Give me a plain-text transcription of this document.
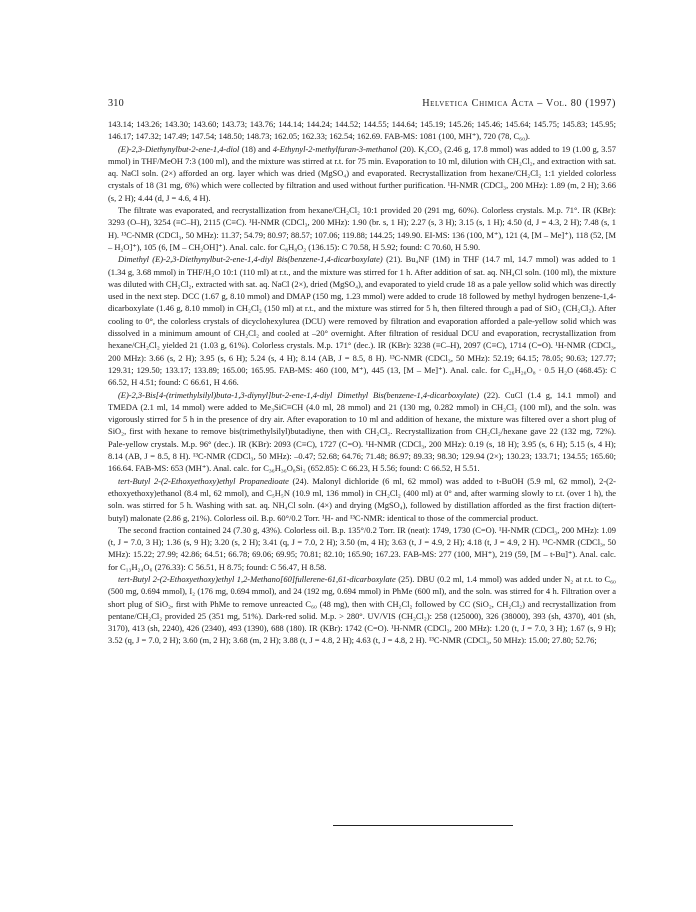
310	Helvetica Chimica Acta – Vol. 80 (1997)

143.14; 143.26; 143.30; 143.60; 143.73; 143.76; 144.14; 144.24; 144.52; 144.55; 144.64; 145.19; 145.26; 145.46; 145.64; 145.75; 145.83; 145.95; 146.17; 147.32; 147.49; 147.54; 148.50; 148.73; 162.05; 162.33; 162.54; 162.69. FAB-MS: 1081 (100, MH⁺), 720 (78, C₆₀).

(E)-2,3-Diethynylbut-2-ene-1,4-diol (18) and 4-Ethynyl-2-methylfuran-3-methanol (20). K₂CO₃ (2.46 g, 17.8 mmol) was added to 19 (1.00 g, 3.57 mmol) in THF/MeOH 7:3 (100 ml), and the mixture was stirred at r.t. for 75 min. Evaporation to 10 ml, dilution with CH₂Cl₂, and extraction with sat. aq. NaCl soln. (2×) afforded an org. layer which was dried (MgSO₄) and evaporated. Recrystallization from hexane/CH₂Cl₂ 1:1 yielded colorless crystals of 18 (31 mg, 6%) which were collected by filtration and used without further purification. ¹H-NMR (CDCl₃, 200 MHz): 1.89 (m, 2 H); 3.66 (s, 2 H); 4.44 (d, J = 4.6, 4 H).

The filtrate was evaporated, and recrystallization from hexane/CH₂Cl₂ 10:1 provided 20 (291 mg, 60%). Colorless crystals. M.p. 71°. IR (KBr): 3293 (O–H), 3254 (≡C–H), 2115 (C≡C). ¹H-NMR (CDCl₃, 200 MHz): 1.90 (br. s, 1 H); 2.27 (s, 3 H); 3.15 (s, 1 H); 4.50 (d, J = 4.3, 2 H); 7.48 (s, 1 H). ¹³C-NMR (CDCl₃, 50 MHz): 11.37; 54.79; 80.97; 88.57; 107.06; 119.88; 144.25; 149.90. EI-MS: 136 (100, M⁺), 121 (4, [M – Me]⁺), 118 (52, [M – H₂O]⁺), 105 (6, [M – CH₂OH]⁺). Anal. calc. for C₈H₈O₂ (136.15): C 70.58, H 5.92; found: C 70.60, H 5.90.

Dimethyl (E)-2,3-Diethynylbut-2-ene-1,4-diyl Bis(benzene-1,4-dicarboxylate) (21). Bu₄NF (1M) in THF (14.7 ml, 14.7 mmol) was added to 1 (1.34 g, 3.68 mmol) in THF/H₂O 10:1 (110 ml) at r.t., and the mixture was stirred for 1 h. After addition of sat. aq. NH₄Cl soln. (100 ml), the mixture was diluted with CH₂Cl₂, extracted with sat. aq. NaCl (2×), dried (MgSO₄), and evaporated to yield crude 18 as a pale yellow solid which was directly used in the next step. DCC (1.67 g, 8.10 mmol) and DMAP (150 mg, 1.23 mmol) were added to crude 18 followed by methyl hydrogen benzene-1,4-dicarboxylate (1.46 g, 8.10 mmol) in CH₂Cl₂ (150 ml) at r.t., and the mixture was stirred for 5 h, then filtered through a pad of SiO₂ (CH₂Cl₂). After cooling to 0°, the colorless crystals of dicyclohexylurea (DCU) were removed by filtration and evaporation afforded a pale-yellow solid which was dissolved in a minimum amount of CH₂Cl₂ and cooled at –20° overnight. After filtration of residual DCU and evaporation, recrystallization from hexane/CH₂Cl₂ yielded 21 (1.03 g, 61%). Colorless crystals. M.p. 171° (dec.). IR (KBr): 3238 (≡C–H), 2097 (C≡C), 1714 (C=O). ¹H-NMR (CDCl₃, 200 MHz): 3.66 (s, 2 H); 3.95 (s, 6 H); 5.24 (s, 4 H); 8.14 (AB, J = 8.5, 8 H). ¹³C-NMR (CDCl₃, 50 MHz): 52.19; 64.15; 78.05; 90.63; 127.77; 129.31; 129.50; 133.17; 133.89; 165.00; 165.95. FAB-MS: 460 (100, M⁺), 445 (13, [M – Me]⁺). Anal. calc. for C₂₆H₂₀O₈ · 0.5 H₂O (468.45): C 66.52, H 4.51; found: C 66.61, H 4.66.

(E)-2,3-Bis[4-(trimethylsilyl)buta-1,3-diynyl]but-2-ene-1,4-diyl Dimethyl Bis(benzene-1,4-dicarboxylate) (22). CuCl (1.4 g, 14.1 mmol) and TMEDA (2.1 ml, 14 mmol) were added to Me₃SiC≡CH (4.0 ml, 28 mmol) and 21 (130 mg, 0.282 mmol) in CH₂Cl₂ (100 ml), and the soln. was vigorously stirred for 5 h in the presence of dry air. After evaporation to 10 ml and addition of hexane, the mixture was filtered over a short plug of SiO₂, first with hexane to remove bis(trimethylsilyl)butadiyne, then with CH₂Cl₂. Recrystallization from CH₂Cl₂/hexane gave 22 (132 mg, 72%). Pale-yellow crystals. M.p. 96° (dec.). IR (KBr): 2093 (C≡C), 1727 (C=O). ¹H-NMR (CDCl₃, 200 MHz): 0.19 (s, 18 H); 3.95 (s, 6 H); 5.15 (s, 4 H); 8.14 (AB, J = 8.5, 8 H). ¹³C-NMR (CDCl₃, 50 MHz): –0.47; 52.68; 64.76; 71.48; 86.97; 89.33; 98.30; 129.94 (2×); 130.23; 133.71; 134.55; 165.60; 166.64. FAB-MS: 653 (MH⁺). Anal. calc. for C₃₆H₃₆O₈Si₂ (652.85): C 66.23, H 5.56; found: C 66.52, H 5.51.

tert-Butyl 2-(2-Ethoxyethoxy)ethyl Propanedioate (24). Malonyl dichloride (6 ml, 62 mmol) was added to t-BuOH (5.9 ml, 62 mmol), 2-(2-ethoxyethoxy)ethanol (8.4 ml, 62 mmol), and C₅H₅N (10.9 ml, 136 mmol) in CH₂Cl₂ (400 ml) at 0° and, after warming slowly to r.t. (over 1 h), the soln. was stirred for 5 h. Washing with sat. aq. NH₄Cl soln. (4×) and drying (MgSO₄), followed by distillation afforded as the first fraction di(tert-butyl) malonate (2.86 g, 21%). Colorless oil. B.p. 60°/0.2 Torr. ¹H- and ¹³C-NMR: identical to those of the commercial product.

The second fraction contained 24 (7.30 g, 43%). Colorless oil. B.p. 135°/0.2 Torr. IR (neat): 1749, 1730 (C=O). ¹H-NMR (CDCl₃, 200 MHz): 1.09 (t, J = 7.0, 3 H); 1.36 (s, 9 H); 3.20 (s, 2 H); 3.41 (q, J = 7.0, 2 H); 3.50 (m, 4 H); 3.63 (t, J = 4.9, 2 H); 4.18 (t, J = 4.9, 2 H). ¹³C-NMR (CDCl₃, 50 MHz): 15.22; 27.99; 42.86; 64.51; 66.78; 69.06; 69.95; 70.81; 82.10; 165.90; 167.23. FAB-MS: 277 (100, MH⁺), 219 (59, [M – t-Bu]⁺). Anal. calc. for C₁₃H₂₄O₆ (276.33): C 56.51, H 8.75; found: C 56.47, H 8.58.

tert-Butyl 2-(2-Ethoxyethoxy)ethyl 1,2-Methano[60]fullerene-61,61-dicarboxylate (25). DBU (0.2 ml, 1.4 mmol) was added under N₂ at r.t. to C₆₀ (500 mg, 0.694 mmol), I₂ (176 mg, 0.694 mmol), and 24 (192 mg, 0.694 mmol) in PhMe (600 ml), and the soln. was stirred for 4 h. Filtration over a short plug of SiO₂, first with PhMe to remove unreacted C₆₀ (48 mg), then with CH₂Cl₂ followed by CC (SiO₂, CH₂Cl₂) and recrystallization from pentane/CH₂Cl₂ provided 25 (351 mg, 51%). Dark-red solid. M.p. > 280°. UV/VIS (CH₂Cl₂): 258 (125000), 326 (38000), 393 (sh, 4370), 401 (sh, 3170), 413 (sh, 2240), 426 (2340), 493 (1390), 688 (180). IR (KBr): 1742 (C=O). ¹H-NMR (CDCl₃, 200 MHz): 1.20 (t, J = 7.0, 3 H); 1.67 (s, 9 H); 3.52 (q, J = 7.0, 2 H); 3.60 (m, 2 H); 3.68 (m, 2 H); 3.88 (t, J = 4.8, 2 H); 4.63 (t, J = 4.8, 2 H). ¹³C-NMR (CDCl₃, 50 MHz): 15.00; 27.80; 52.76;
